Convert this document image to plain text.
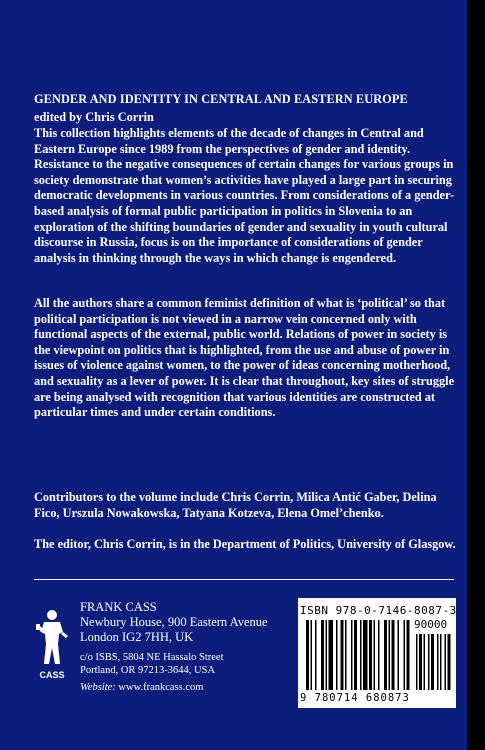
GENDER AND IDENTITY IN CENTRAL AND EASTERN EUROPE
edited by Chris Corrin

This collection highlights elements of the decade of changes in Central and Eastern Europe since 1989 from the perspectives of gender and identity. Resistance to the negative consequences of certain changes for various groups in society demonstrate that women’s activities have played a large part in securing democratic developments in various countries. From considerations of a gender-based analysis of formal public participation in politics in Slovenia to an exploration of the shifting boundaries of gender and sexuality in youth cultural discourse in Russia, focus is on the importance of considerations of gender analysis in thinking through the ways in which change is engendered.

All the authors share a common feminist definition of what is ‘political’ so that political participation is not viewed in a narrow vein concerned only with functional aspects of the external, public world. Relations of power in society is the viewpoint on politics that is highlighted, from the use and abuse of power in issues of violence against women, to the power of ideas concerning motherhood, and sexuality as a lever of power. It is clear that throughout, key sites of struggle are being analysed with recognition that various identities are constructed at particular times and under certain conditions.

Contributors to the volume include Chris Corrin, Milica Antić Gaber, Delina Fico, Urszula Nowakowska, Tatyana Kotzeva, Elena Omel’chenko.

The editor, Chris Corrin, is in the Department of Politics, University of Glasgow.

CASS
FRANK CASS
Newbury House, 900 Eastern Avenue
London IG2 7HH, UK
c/o ISBS, 5804 NE Hassalo Street
Portland, OR 97213-3644, USA
Website: www.frankcass.com
ISBN 978-0-7146-8087-3
90000
9 780714 680873
